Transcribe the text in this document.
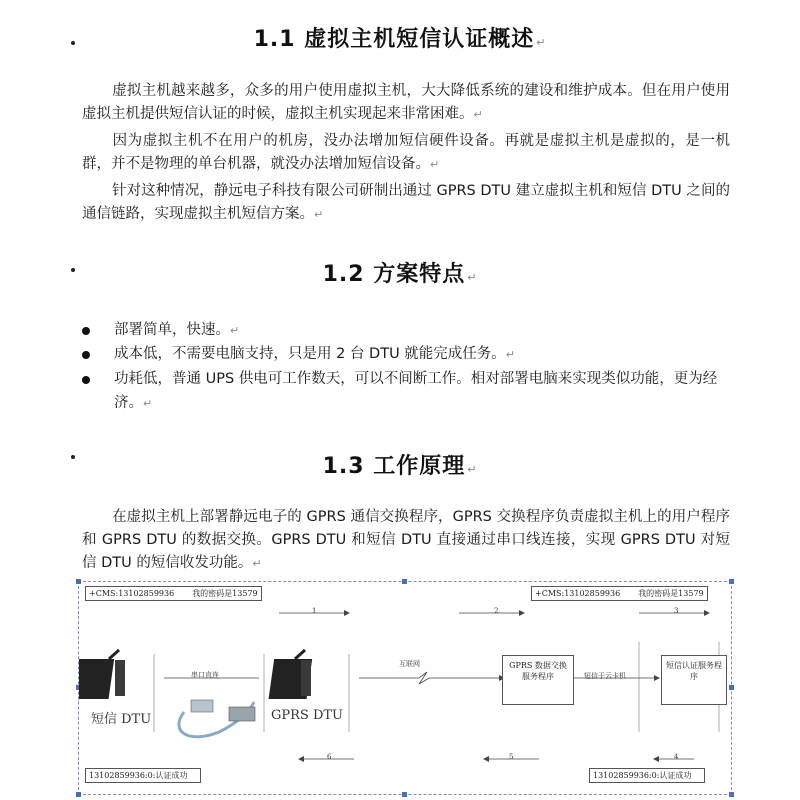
1.1 虚拟主机短信认证概述 ↵

虚拟主机越来越多，众多的用户使用虚拟主机，大大降低系统的建设和维护成本。但在用户使用虚拟主机提供短信认证的时候，虚拟主机实现起来非常困难。↵

因为虚拟主机不在用户的机房，没办法增加短信硬件设备。再就是虚拟主机是虚拟的，是一机群，并不是物理的单台机器，就没办法增加短信设备。↵

针对这种情况，静远电子科技有限公司研制出通过 GPRS DTU 建立虚拟主机和短信 DTU 之间的通信链路，实现虚拟主机短信方案。↵

1.2 方案特点 ↵
部署简单，快速。↵
成本低，不需要电脑支持，只是用 2 台 DTU 就能完成任务。↵
功耗低，普通 UPS 供电可工作数天，可以不间断工作。相对部署电脑来实现类似功能，更为经济。↵
1.3 工作原理 ↵

在虚拟主机上部署静远电子的 GPRS 通信交换程序，GPRS 交换程序负责虚拟主机上的用户程序和 GPRS DTU 的数据交换。GPRS DTU 和短信 DTU 直接通过串口线连接，实现 GPRS DTU 对短信 DTU 的短信收发功能。↵

+CMS:13102859936 我的密码是13579	+CMS:13102859936 我的密码是13579
13102859936:0:认证成功	13102859936:0:认证成功
1	2	3
4
5
6
串口直连
互联网
短信于云卡机
短信 DTU	GPRS DTU
GPRS 数据交换服务程序
短信认证服务程序
